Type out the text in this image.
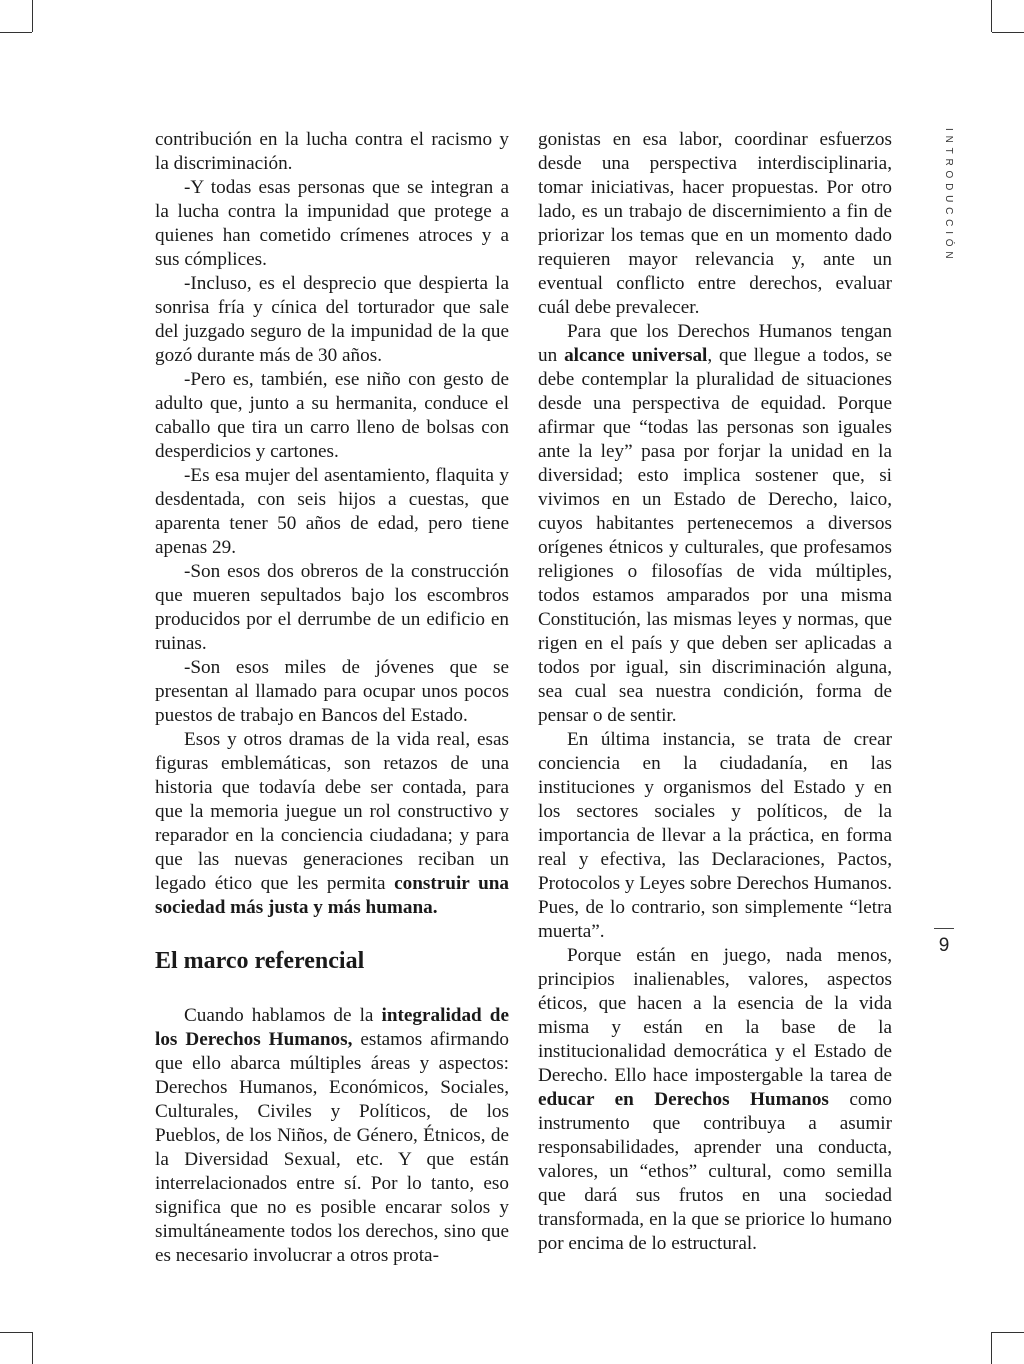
contribución en la lucha contra el racismo y la discriminación.

-Y todas esas personas que se integran a la lucha contra la impunidad que protege a quienes han cometido crímenes atroces y a sus cómplices.

-Incluso, es el desprecio que despierta la sonrisa fría y cínica del torturador que sale del juzgado seguro de la impunidad de la que gozó durante más de 30 años.

-Pero es, también, ese niño con gesto de adulto que, junto a su hermanita, conduce el caballo que tira un carro lleno de bolsas con desperdicios y cartones.

-Es esa mujer del asentamiento, flaquita y desdentada, con seis hijos a cuestas, que aparenta tener 50 años de edad, pero tiene apenas 29.

-Son esos dos obreros de la construcción que mueren sepultados bajo los escombros producidos por el derrumbe de un edificio en ruinas.

-Son esos miles de jóvenes que se presentan al llamado para ocupar unos pocos puestos de trabajo en Bancos del Estado.

Esos y otros dramas de la vida real, esas figuras emblemáticas, son retazos de una historia que todavía debe ser contada, para que la memoria juegue un rol constructivo y reparador en la conciencia ciudadana; y para que las nuevas generaciones reciban un legado ético que les permita construir una sociedad más justa y más humana.

El marco referencial

Cuando hablamos de la integralidad de los Derechos Humanos, estamos afirmando que ello abarca múltiples áreas y aspectos: Derechos Humanos, Económicos, Sociales, Culturales, Civiles y Políticos, de los Pueblos, de los Niños, de Género, Étnicos, de la Diversidad Sexual, etc. Y que están interrelacionados entre sí. Por lo tanto, eso significa que no es posible encarar solos y simultáneamente todos los derechos, sino que es necesario involucrar a otros prota-

gonistas en esa labor, coordinar esfuerzos desde una perspectiva interdisciplinaria, tomar iniciativas, hacer propuestas. Por otro lado, es un trabajo de discernimiento a fin de priorizar los temas que en un momento dado requieren mayor relevancia y, ante un eventual conflicto entre derechos, evaluar cuál debe prevalecer.

Para que los Derechos Humanos tengan un alcance universal, que llegue a todos, se debe contemplar la pluralidad de situaciones desde una perspectiva de equidad. Porque afirmar que “todas las personas son iguales ante la ley” pasa por forjar la unidad en la diversidad; esto implica sostener que, si vivimos en un Estado de Derecho, laico, cuyos habitantes pertenecemos a diversos orígenes étnicos y culturales, que profesamos religiones o filosofías de vida múltiples, todos estamos amparados por una misma Constitución, las mismas leyes y normas, que rigen en el país y que deben ser aplicadas a todos por igual, sin discriminación alguna, sea cual sea nuestra condición, forma de pensar o de sentir.

En última instancia, se trata de crear conciencia en la ciudadanía, en las instituciones y organismos del Estado y en los sectores sociales y políticos, de la importancia de llevar a la práctica, en forma real y efectiva, las Declaraciones, Pactos, Protocolos y Leyes sobre Derechos Humanos. Pues, de lo contrario, son simplemente “letra muerta”.

Porque están en juego, nada menos, principios inalienables, valores, aspectos éticos, que hacen a la esencia de la vida misma y están en la base de la institucionalidad democrática y el Estado de Derecho. Ello hace impostergable la tarea de educar en Derechos Humanos como instrumento que contribuya a asumir responsabilidades, aprender una conducta, valores, un “ethos” cultural, como semilla que dará sus frutos en una sociedad transformada, en la que se priorice lo humano por encima de lo estructural.

INTRODUCCIÓN
9
